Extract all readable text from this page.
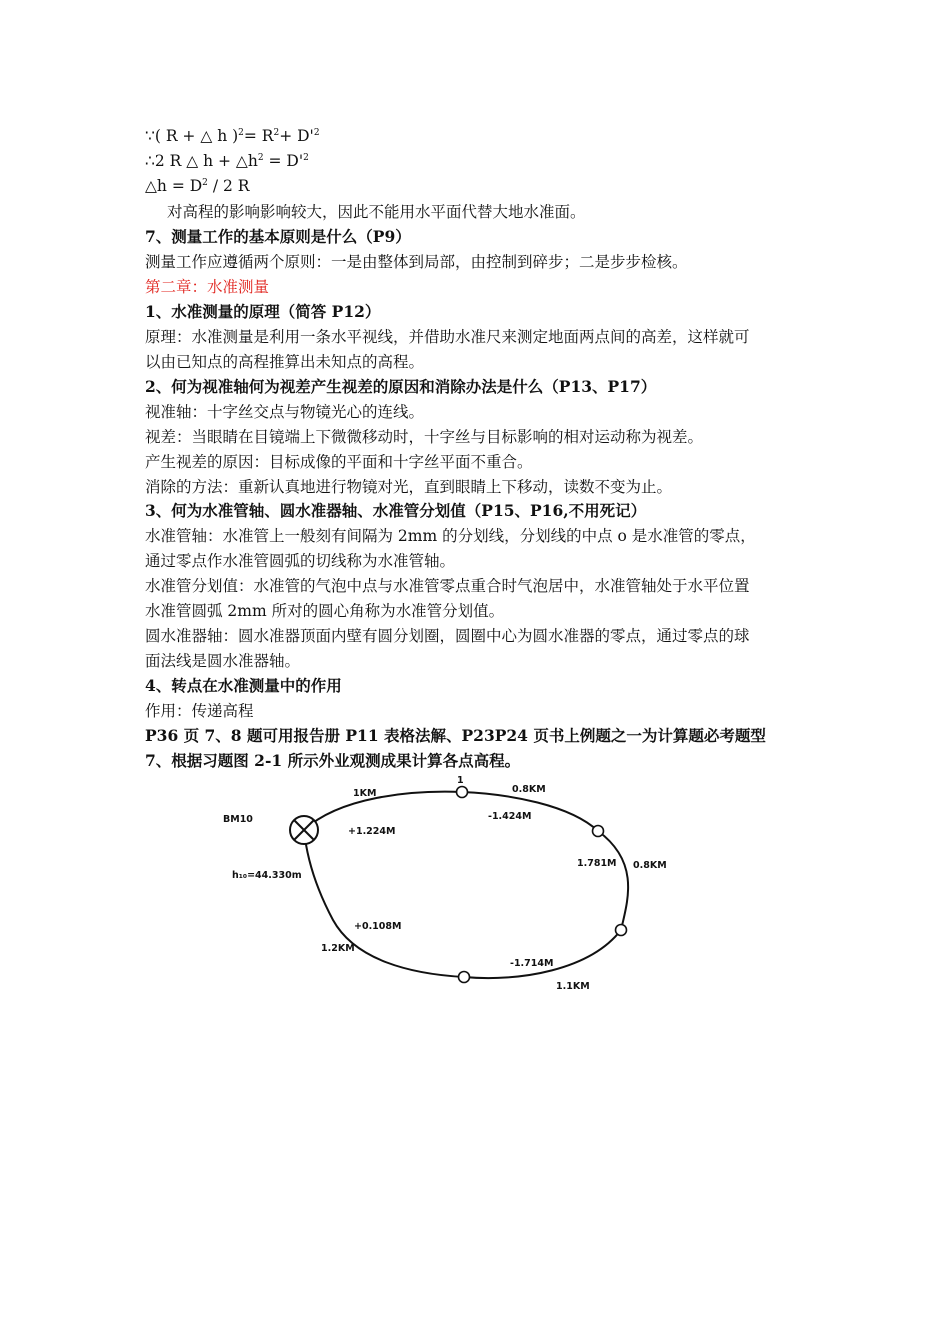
∵( R + △ h )$^2= R^2+ D'^2$
∴2 R △ $h + \triangle h^2 = D'^2$
△h = $D^2 / 2$ R
对高程的影响影响较大，因此不能用水平面代替大地水准面。
7、测量工作的基本原则是什么（P9）
测量工作应遵循两个原则：一是由整体到局部，由控制到碎步；二是步步检核。
第二章：水准测量
1、水准测量的原理（简答 P12）
原理：水准测量是利用一条水平视线，并借助水准尺来测定地面两点间的高差，这样就可
以由已知点的高程推算出未知点的高程。
2、何为视准轴何为视差产生视差的原因和消除办法是什么（P13、P17）
视准轴：十字丝交点与物镜光心的连线。
视差：当眼睛在目镜端上下微微移动时，十字丝与目标影响的相对运动称为视差。
产生视差的原因：目标成像的平面和十字丝平面不重合。
消除的方法：重新认真地进行物镜对光，直到眼睛上下移动，读数不变为止。
3、何为水准管轴、圆水准器轴、水准管分划值（P15、P16,不用死记）
水准管轴：水准管上一般刻有间隔为 2mm 的分划线，分划线的中点 o 是水准管的零点，
通过零点作水准管圆弧的切线称为水准管轴。
水准管分划值：水准管的气泡中点与水准管零点重合时气泡居中，水准管轴处于水平位置
水准管圆弧 2mm 所对的圆心角称为水准管分划值。
圆水准器轴：圆水准器顶面内壁有圆分划圈，圆圈中心为圆水准器的零点，通过零点的球
面法线是圆水准器轴。
4、转点在水准测量中的作用
作用：传递高程
P36 页 7、8 题可用报告册 P11 表格法解、P23P24 页书上例题之一为计算题必考题型
7、根据习题图 2-1 所示外业观测成果计算各点高程。
BM10
h₁₀=44.330m
1
1KM
+1.224M
0.8KM
-1.424M
0.8KM
1.781M
1.1KM
-1.714M
1.2KM
+0.108M
